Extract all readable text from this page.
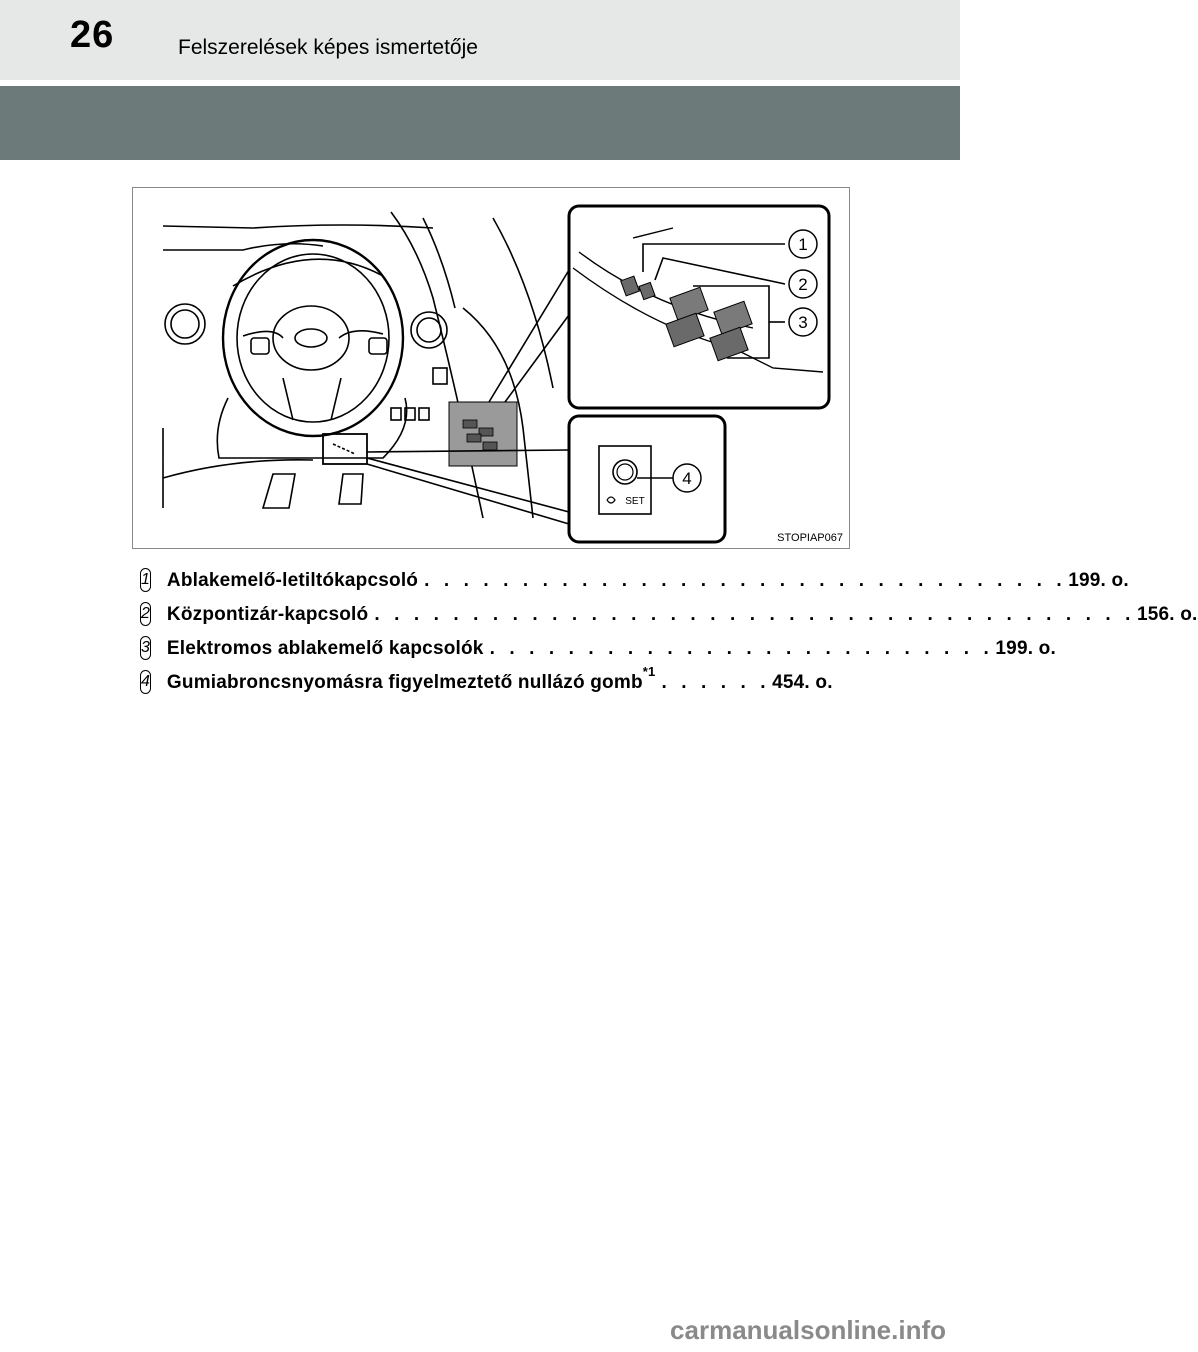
26	Felszerelések képes ismertetője
1
2
3
4
SET
STOPIAP067
1 Ablakemelő-letiltókapcsoló . . . . . . . . . . . . . . . . . . . . . . . . . . . . . . . . . 199. o.
2 Központizár-kapcsoló . . . . . . . . . . . . . . . . . . . . . . . . . . . . . . . . . . . . . . . 156. o.
3 Elektromos ablakemelő kapcsolók . . . . . . . . . . . . . . . . . . . . . . . . . . 199. o.
4 Gumiabroncsnyomásra figyelmeztető nullázó gomb
*1
. . . . . . 454. o.
carmanualsonline.info
